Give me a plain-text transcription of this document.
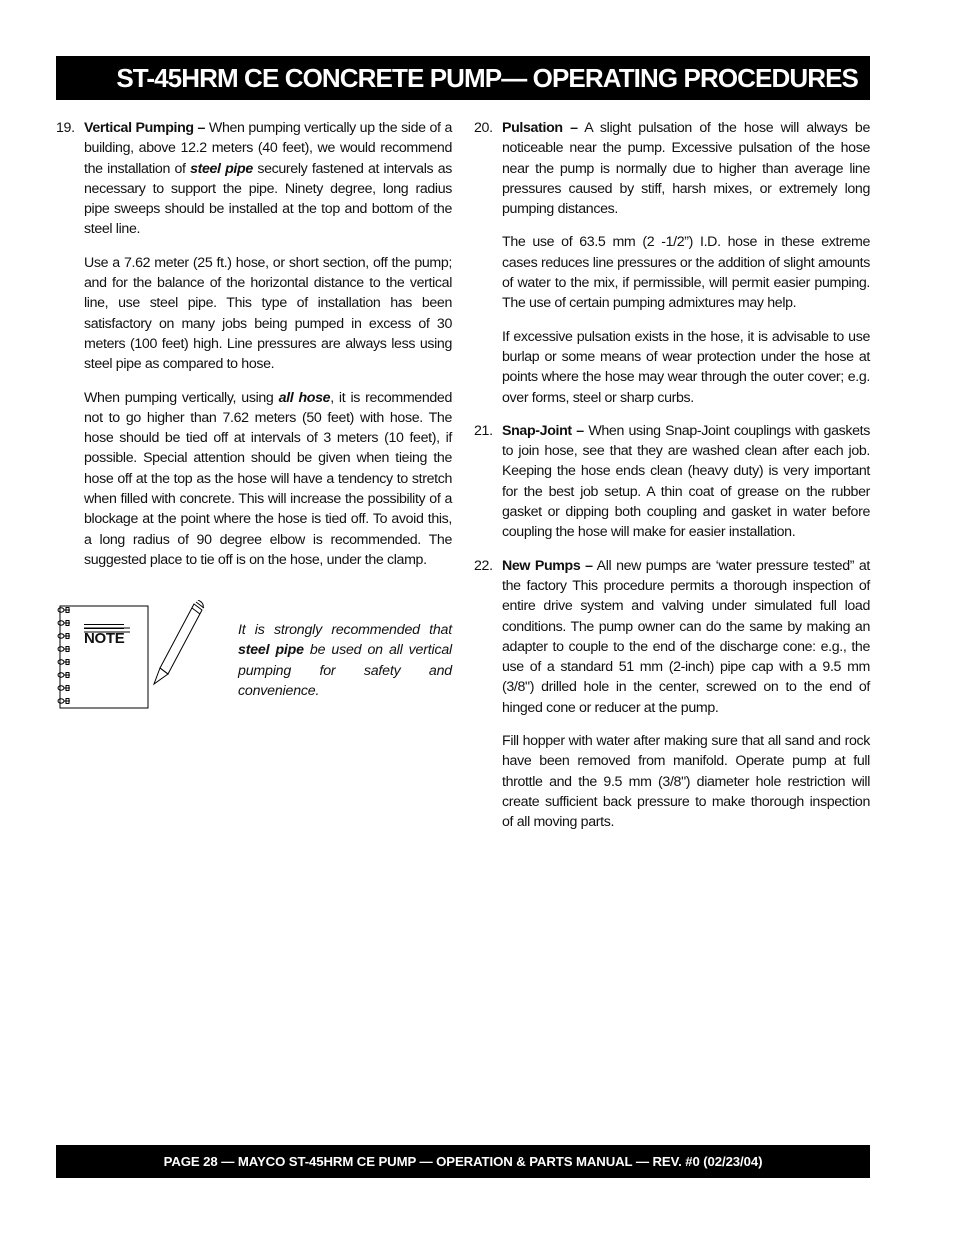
ST-45HRM CE CONCRETE PUMP— OPERATING PROCEDURES
19. Vertical Pumping – When pumping vertically up the side of a building, above 12.2 meters (40 feet), we would recommend the installation of steel pipe securely fastened at intervals as necessary to support the pipe. Ninety degree, long radius pipe sweeps should be installed at the top and bottom of the steel line.

Use a 7.62 meter (25 ft.) hose, or short section, off the pump; and for the balance of the horizontal distance to the vertical line, use steel pipe. This type of installation has been satisfactory on many jobs being pumped in excess of 30 meters (100 feet) high. Line pressures are always less using steel pipe as compared to hose.

When pumping vertically, using all hose, it is recommended not to go higher than 7.62 meters (50 feet) with hose. The hose should be tied off at intervals of 3 meters (10 feet), if possible. Special attention should be given when tieing the hose off at the top as the hose will have a tendency to stretch when filled with concrete. This will increase the possibility of a blockage at the point where the hose is tied off. To avoid this, a long radius of 90 degree elbow is recommended. The suggested place to tie off is on the hose, under the clamp.

NOTE	It is strongly recommended that steel pipe be used on all vertical pumping for safety and convenience.
20. Pulsation – A slight pulsation of the hose will always be noticeable near the pump. Excessive pulsation of the hose near the pump is normally due to higher than average line pressures caused by stiff, harsh mixes, or extremely long pumping distances.

The use of 63.5 mm (2 -1/2”) I.D. hose in these extreme cases reduces line pressures or the addition of slight amounts of water to the mix, if permissible, will permit easier pumping. The use of certain pumping admixtures may help.

If excessive pulsation exists in the hose, it is advisable to use burlap or some means of wear protection under the hose at points where the hose may wear through the outer cover; e.g. over forms, steel or sharp curbs.

21. Snap-Joint – When using Snap-Joint couplings with gaskets to join hose, see that they are washed clean after each job. Keeping the hose ends clean (heavy duty) is very important for the best job setup. A thin coat of grease on the rubber gasket or dipping both coupling and gasket in water before coupling the hose will make for easier installation.

22. New Pumps – All new pumps are ‘water pressure tested” at the factory This procedure permits a thorough inspection of entire drive system and valving under simulated full load conditions. The pump owner can do the same by making an adapter to couple to the end of the discharge cone: e.g., the use of a standard 51 mm (2-inch) pipe cap with a 9.5 mm (3/8") drilled hole in the center, screwed on to the end of hinged cone or reducer at the pump.

Fill hopper with water after making sure that all sand and rock have been removed from manifold. Operate pump at full throttle and the 9.5 mm (3/8") diameter hole restriction will create sufficient back pressure to make thorough inspection of all moving parts.

PAGE 28 — MAYCO ST-45HRM CE PUMP — OPERATION & PARTS MANUAL — REV. #0 (02/23/04)
